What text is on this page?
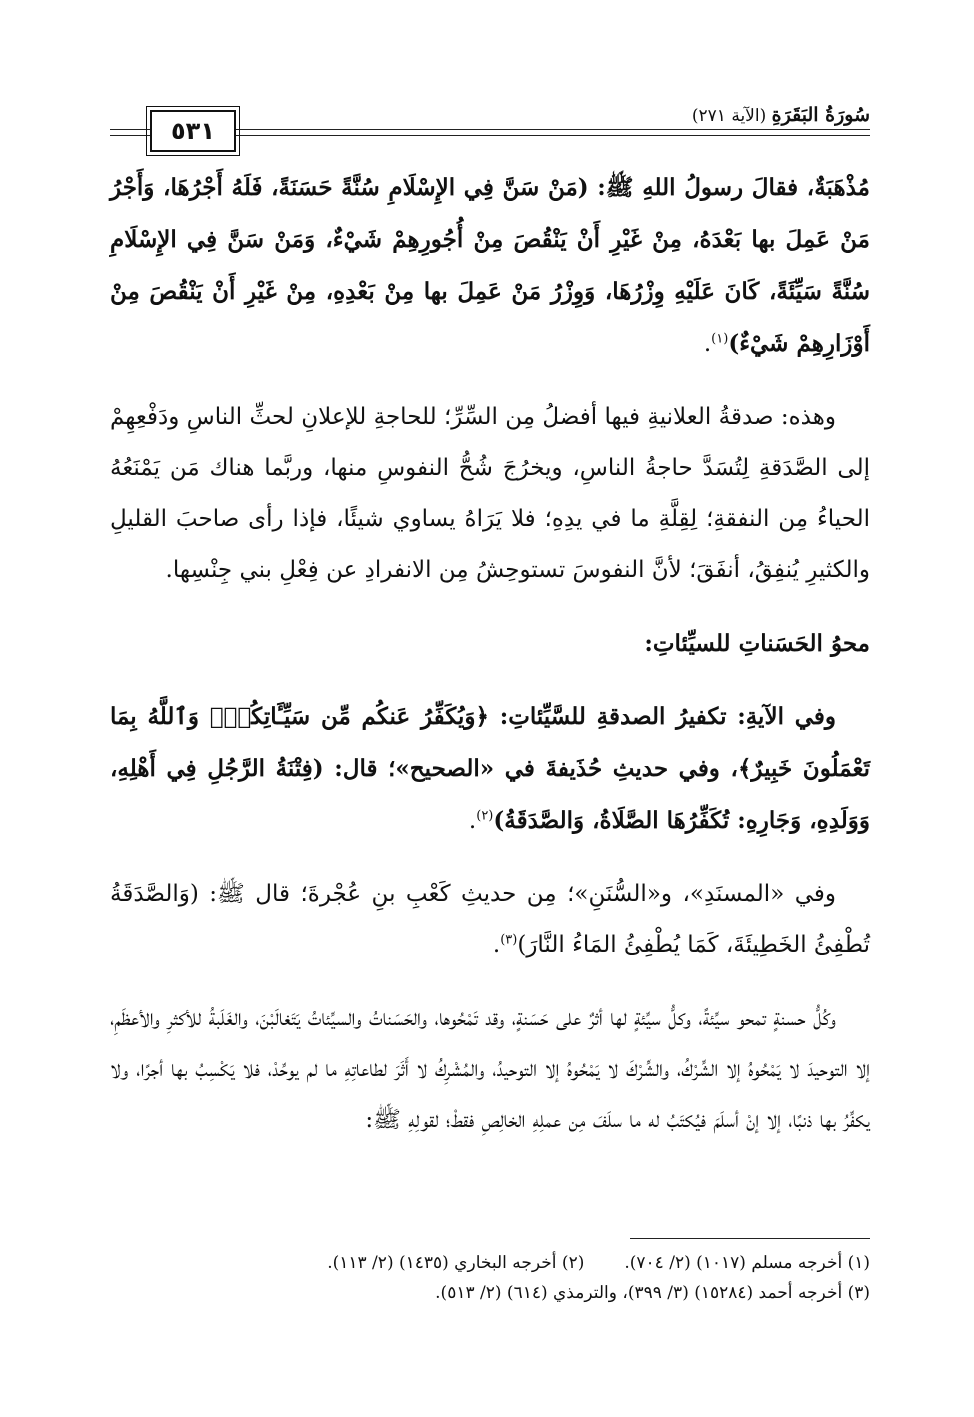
٥٣١
سُورَةُ البَقَرَةِ (الآية ٢٧١)

مُذْهَبَةٌ، فقالَ رسولُ اللهِ ﷺ: (مَنْ سَنَّ فِي الإِسْلَامِ سُنَّةً حَسَنَةً، فَلَهُ أَجْرُهَا، وَأَجْرُ مَنْ عَمِلَ بها بَعْدَهُ، مِنْ غَيْرِ أَنْ يَنْقُصَ مِنْ أُجُورِهِمْ شَيْءٌ، وَمَنْ سَنَّ فِي الإِسْلَامِ سُنَّةً سَيِّئَةً، كَانَ عَلَيْهِ وِزْرُهَا، وَوِزْرُ مَنْ عَمِلَ بها مِنْ بَعْدِهِ، مِنْ غَيْرِ أَنْ يَنْقُصَ مِنْ أَوْزَارِهِمْ شَيْءٌ)$^{(١)}$.

وهذه: صدقةُ العلانيةِ فيها أفضلُ مِن السِّرِّ؛ للحاجةِ للإعلانِ لحثِّ الناسِ ودَفْعِهِمْ إلى الصَّدَقةِ لِتُسَدَّ حاجةُ الناسِ، ويخرُجَ شُحُّ النفوسِ منها، وربَّما هناك مَن يَمْنَعُهُ الحياءُ مِن النفقةِ؛ لِقِلَّةِ ما في يدِهِ؛ فلا يَرَاهُ يساوي شيئًا، فإذا رأى صاحبَ القليلِ والكثيرِ يُنفِقُ، أنفَقَ؛ لأنَّ النفوسَ تستوحِشُ مِن الانفرادِ عن فِعْلِ بني جِنْسِها.

محوُ الحَسَناتِ للسيِّئاتِ:

وفي الآيةِ: تكفيرُ الصدقةِ للسَّيِّئاتِ: ﴿وَيُكَفِّرُ عَنكُم مِّن سَيِّـَٔاتِكُمْۗ وَٱللَّهُ بِمَا تَعْمَلُونَ خَبِيرٌ﴾، وفي حديثِ حُذَيفةَ في «الصحيح»؛ قال: (فِتْنَةُ الرَّجُلِ فِي أَهْلِهِ، وَوَلَدِهِ، وَجَارِهِ: تُكَفِّرُهَا الصَّلَاةُ، وَالصَّدَقَةُ)$^{(٢)}$.

وفي «المسنَدِ»، و«السُّنَنِ»؛ مِن حديثِ كَعْبِ بنِ عُجْرةَ؛ قال ﷺ: (وَالصَّدَقَةُ تُطْفِئُ الخَطِيئَةَ، كَمَا يُطْفِئُ المَاءُ النَّارَ)$^{(٣)}$.

وكُلُّ حسنةٍ تمحو سيِّئةً، وكلُّ سيِّئةٍ لها أثرٌ على حَسَنةٍ، وقد تَمْحُوها، والحَسَناتُ والسيِّئاتُ يَتَغالَبْنَ، والغَلَبةُ للأكثرِ والأعظَمِ، إلا التوحيدَ لا يَمْحُوهُ إلا الشِّرْكُ، والشِّرْكَ لا يَمْحُوهُ إلا التوحيدُ، والمُشْرِكُ لا أَثَرَ لطاعاتِهِ ما لم يوحِّدْ، فلا يَكْسِبُ بها أجرًا، ولا يكفِّرُ بها ذنبًا، إلا إنْ أسلَمَ فيُكتَبُ له ما سلَفَ مِن عملِهِ الخالِصِ فقطْ؛ لقولِهِ ﷺ:

(١) أخرجه مسلم (١٠١٧) (٢/ ٧٠٤).
(٢) أخرجه البخاري (١٤٣٥) (٢/ ١١٣).
(٣) أخرجه أحمد (١٥٢٨٤) (٣/ ٣٩٩)، والترمذي (٦١٤) (٢/ ٥١٣).
